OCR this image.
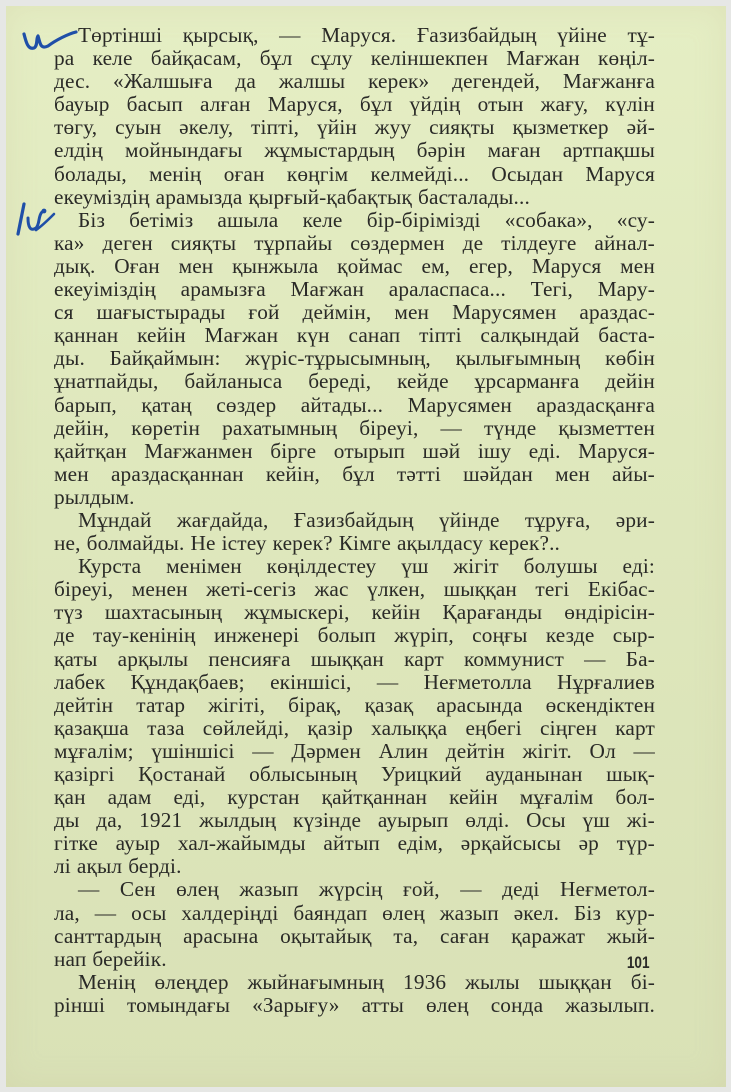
Төртінші қырсық, — Маруся. Ғазизбайдың үйіне тұ-
ра келе байқасам, бұл сұлу келіншекпен Мағжан көңіл-
дес. «Жалшыға да жалшы керек» дегендей, Мағжанға
бауыр басып алған Маруся, бұл үйдің отын жағу, күлін
төгу, суын әкелу, тіпті, үйін жуу сияқты қызметкер әй-
елдің мойнындағы жұмыстардың бәрін маған артпақшы
болады, менің оған көңгім келмейді... Осыдан Маруся
екеуміздің арамызда қырғый-қабақтық басталады...
Біз бетіміз ашыла келе бір-бірімізді «собака», «су-
ка» деген сияқты тұрпайы сөздермен де тілдеуге айнал-
дық. Оған мен қынжыла қоймас ем, егер, Маруся мен
екеуіміздің арамызға Мағжан араласпаса... Тегі, Мару-
ся шағыстырады ғой деймін, мен Марусямен араздас-
қаннан кейін Мағжан күн санап тіпті салқындай баста-
ды. Байқаймын: жүріс-тұрысымның, қылығымның көбін
ұнатпайды, байланыса береді, кейде ұрсарманға дейін
барып, қатаң сөздер айтады... Марусямен араздасқанға
дейін, көретін рахатымның біреуі, — түнде қызметтен
қайтқан Мағжанмен бірге отырып шәй ішу еді. Маруся-
мен араздасқаннан кейін, бұл тәтті шәйдан мен айы-
рылдым.
Мұндай жағдайда, Ғазизбайдың үйінде тұруға, әри-
не, болмайды. Не істеу керек? Кімге ақылдасу керек?..
Курста менімен көңілдестеу үш жігіт болушы еді:
біреуі, менен жеті-сегіз жас үлкен, шыққан тегі Екібас-
түз шахтасының жұмыскері, кейін Қарағанды өндірісін-
де тау-кенінің инженері болып жүріп, соңғы кезде сыр-
қаты арқылы пенсияға шыққан карт коммунист — Ба-
лабек Құндақбаев; екіншісі, — Неғметолла Нұрғалиев
дейтін татар жігіті, бірақ, қазақ арасында өскендіктен
қазақша таза сөйлейді, қазір халыққа еңбегі сіңген карт
мұғалім; үшіншісі — Дәрмен Алин дейтін жігіт. Ол —
қазіргі Қостанай облысының Урицкий ауданынан шық-
қан адам еді, курстан қайтқаннан кейін мұғалім бол-
ды да, 1921 жылдың күзінде ауырып өлді. Осы үш жі-
гітке ауыр хал-жайымды айтып едім, әрқайсысы әр түр-
лі ақыл берді.
— Сен өлең жазып жүрсің ғой, — деді Неғметол-
ла, — осы халдеріңді баяндап өлең жазып әкел. Біз кур-
санттардың арасына оқытайық та, саған қаражат жый-
нап берейік.
Менің өлеңдер жыйнағымның 1936 жылы шыққан бі-
рінші томындағы «Зарығу» атты өлең сонда жазылып.
101
